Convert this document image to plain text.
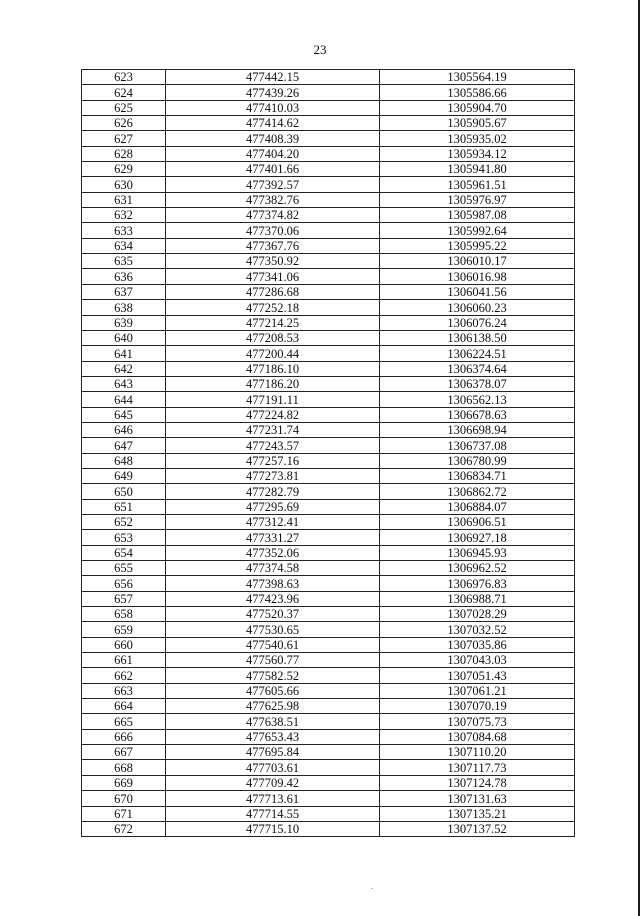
23
623	477442.15	1305564.19
624	477439.26	1305586.66
625	477410.03	1305904.70
626	477414.62	1305905.67
627	477408.39	1305935.02
628	477404.20	1305934.12
629	477401.66	1305941.80
630	477392.57	1305961.51
631	477382.76	1305976.97
632	477374.82	1305987.08
633	477370.06	1305992.64
634	477367.76	1305995.22
635	477350.92	1306010.17
636	477341.06	1306016.98
637	477286.68	1306041.56
638	477252.18	1306060.23
639	477214.25	1306076.24
640	477208.53	1306138.50
641	477200.44	1306224.51
642	477186.10	1306374.64
643	477186.20	1306378.07
644	477191.11	1306562.13
645	477224.82	1306678.63
646	477231.74	1306698.94
647	477243.57	1306737.08
648	477257.16	1306780.99
649	477273.81	1306834.71
650	477282.79	1306862.72
651	477295.69	1306884.07
652	477312.41	1306906.51
653	477331.27	1306927.18
654	477352.06	1306945.93
655	477374.58	1306962.52
656	477398.63	1306976.83
657	477423.96	1306988.71
658	477520.37	1307028.29
659	477530.65	1307032.52
660	477540.61	1307035.86
661	477560.77	1307043.03
662	477582.52	1307051.43
663	477605.66	1307061.21
664	477625.98	1307070.19
665	477638.51	1307075.73
666	477653.43	1307084.68
667	477695.84	1307110.20
668	477703.61	1307117.73
669	477709.42	1307124.78
670	477713.61	1307131.63
671	477714.55	1307135.21
672	477715.10	1307137.52
